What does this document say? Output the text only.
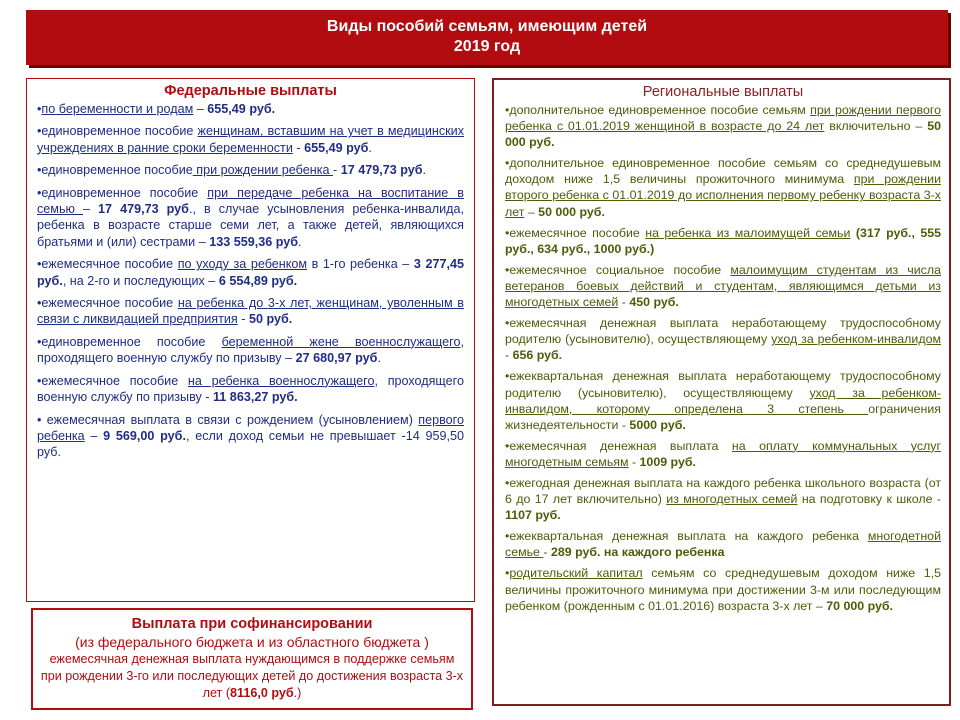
Виды пособий семьям, имеющим детей
2019 год
Федеральные выплаты
•по беременности и родам – 655,49 руб.
•единовременное пособие женщинам, вставшим на учет в медицинских учреждениях в ранние сроки беременности - 655,49 руб.
•единовременное пособие при рождении ребенка - 17 479,73 руб.
•единовременное пособие при передаче ребенка на воспитание в семью – 17 479,73 руб., в случае усыновления ребенка-инвалида, ребенка в возрасте старше семи лет, а также детей, являющихся братьями и (или) сестрами – 133 559,36 руб.
•ежемесячное пособие по уходу за ребенком в 1-го ребенка – 3 277,45 руб., на 2-го и последующих – 6 554,89 руб.
•ежемесячное пособие на ребенка до 3-х лет, женщинам, уволенным в связи с ликвидацией предприятия - 50 руб.
•единовременное пособие беременной жене военнослужащего, проходящего военную службу по призыву – 27 680,97 руб.
•ежемесячное пособие на ребенка военнослужащего, проходящего военную службу по призыву - 11 863,27 руб.
• ежемесячная выплата в связи с рождением (усыновлением) первого ребенка – 9 569,00 руб., если доход семьи не превышает -14 959,50 руб.
Региональные выплаты
•дополнительное единовременное пособие семьям при рождении первого ребенка с 01.01.2019 женщиной в возрасте до 24 лет включительно – 50 000 руб.
•дополнительное единовременное пособие семьям со среднедушевым доходом ниже 1,5 величины прожиточного минимума при рождении второго ребенка с 01.01.2019 до исполнения первому ребенку возраста 3-х лет – 50 000 руб.
•ежемесячное пособие на ребенка из малоимущей семьи (317 руб., 555 руб., 634 руб., 1000 руб.)
•ежемесячное социальное пособие малоимущим студентам из числа ветеранов боевых действий и студентам, являющимся детьми из многодетных семей - 450 руб.
•ежемесячная денежная выплата неработающему трудоспособному родителю (усыновителю), осуществляющему уход за ребенком-инвалидом - 656 руб.
•ежеквартальная денежная выплата неработающему трудоспособному родителю (усыновителю), осуществляющему уход за ребенком-инвалидом, которому определена 3 степень ограничения жизнедеятельности - 5000 руб.
•ежемесячная денежная выплата на оплату коммунальных услуг многодетным семьям - 1009 руб.
•ежегодная денежная выплата на каждого ребенка школьного возраста (от 6 до 17 лет включительно) из многодетных семей на подготовку к школе - 1107 руб.
•ежеквартальная денежная выплата на каждого ребенка многодетной семье - 289 руб. на каждого ребенка
•родительский капитал семьям со среднедушевым доходом ниже 1,5 величины прожиточного минимума при достижении 3-м или последующим ребенком (рожденным с 01.01.2016) возраста 3-х лет – 70 000 руб.
Выплата при софинансировании
(из федерального бюджета и из областного бюджета )
ежемесячная денежная выплата нуждающимся в поддержке семьям при рождении 3-го или последующих детей до достижения возраста 3-х лет (8116,0 руб.)
